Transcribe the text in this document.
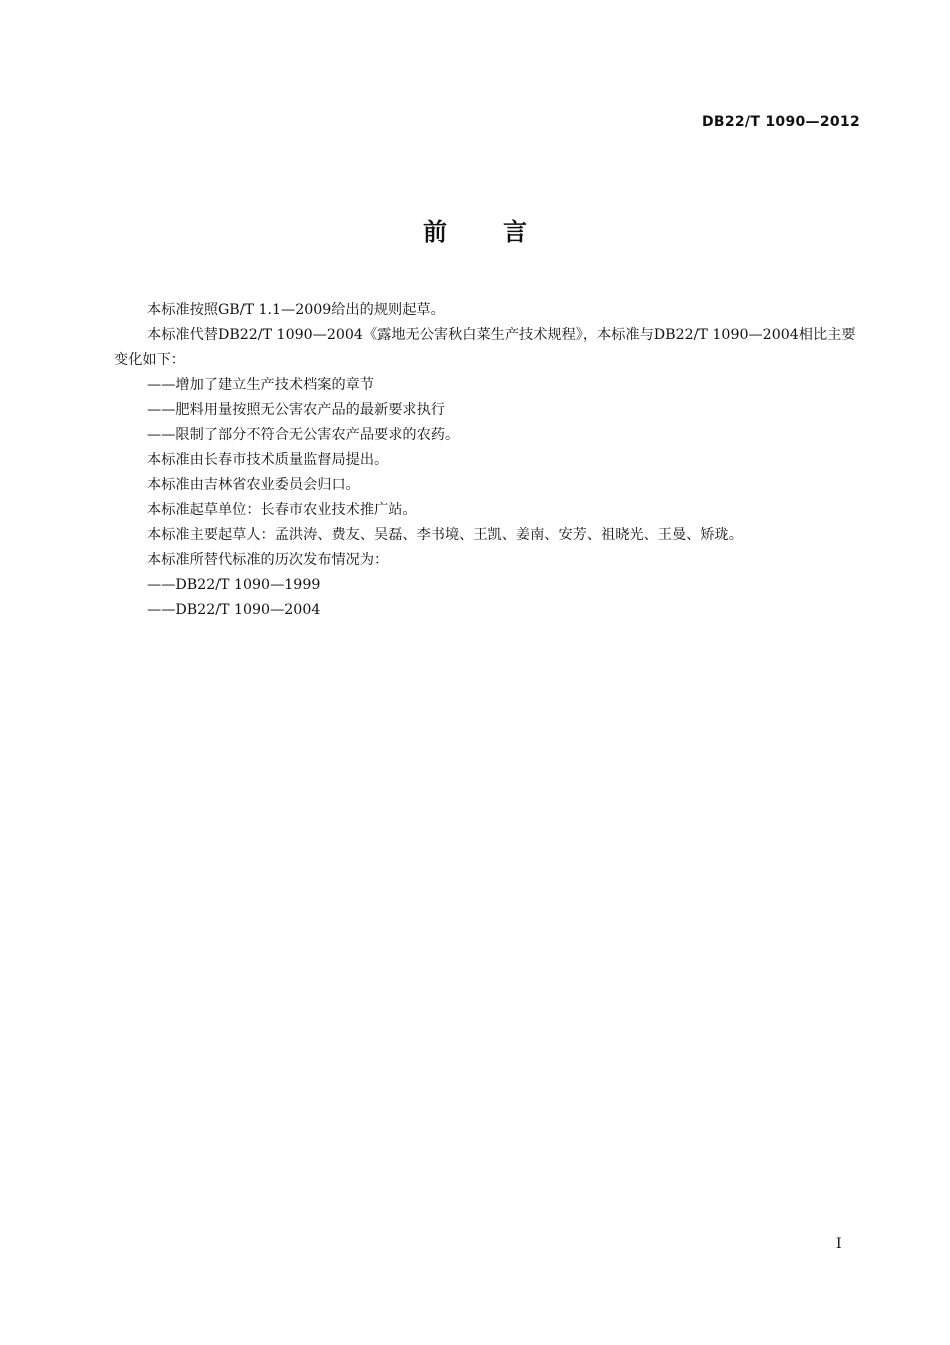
DB22/T 1090—2012
前言

本标准按照GB/T 1.1—2009给出的规则起草。

本标准代替DB22/T 1090—2004《露地无公害秋白菜生产技术规程》，本标准与DB22/T 1090—2004相比主要变化如下：

——增加了建立生产技术档案的章节

——肥料用量按照无公害农产品的最新要求执行

——限制了部分不符合无公害农产品要求的农药。

本标准由长春市技术质量监督局提出。

本标准由吉林省农业委员会归口。

本标准起草单位：长春市农业技术推广站。

本标准主要起草人：孟洪涛、费友、吴磊、李书境、王凯、姜南、安芳、祖晓光、王曼、矫珑。

本标准所替代标准的历次发布情况为：

——DB22/T 1090—1999

——DB22/T 1090—2004

I
